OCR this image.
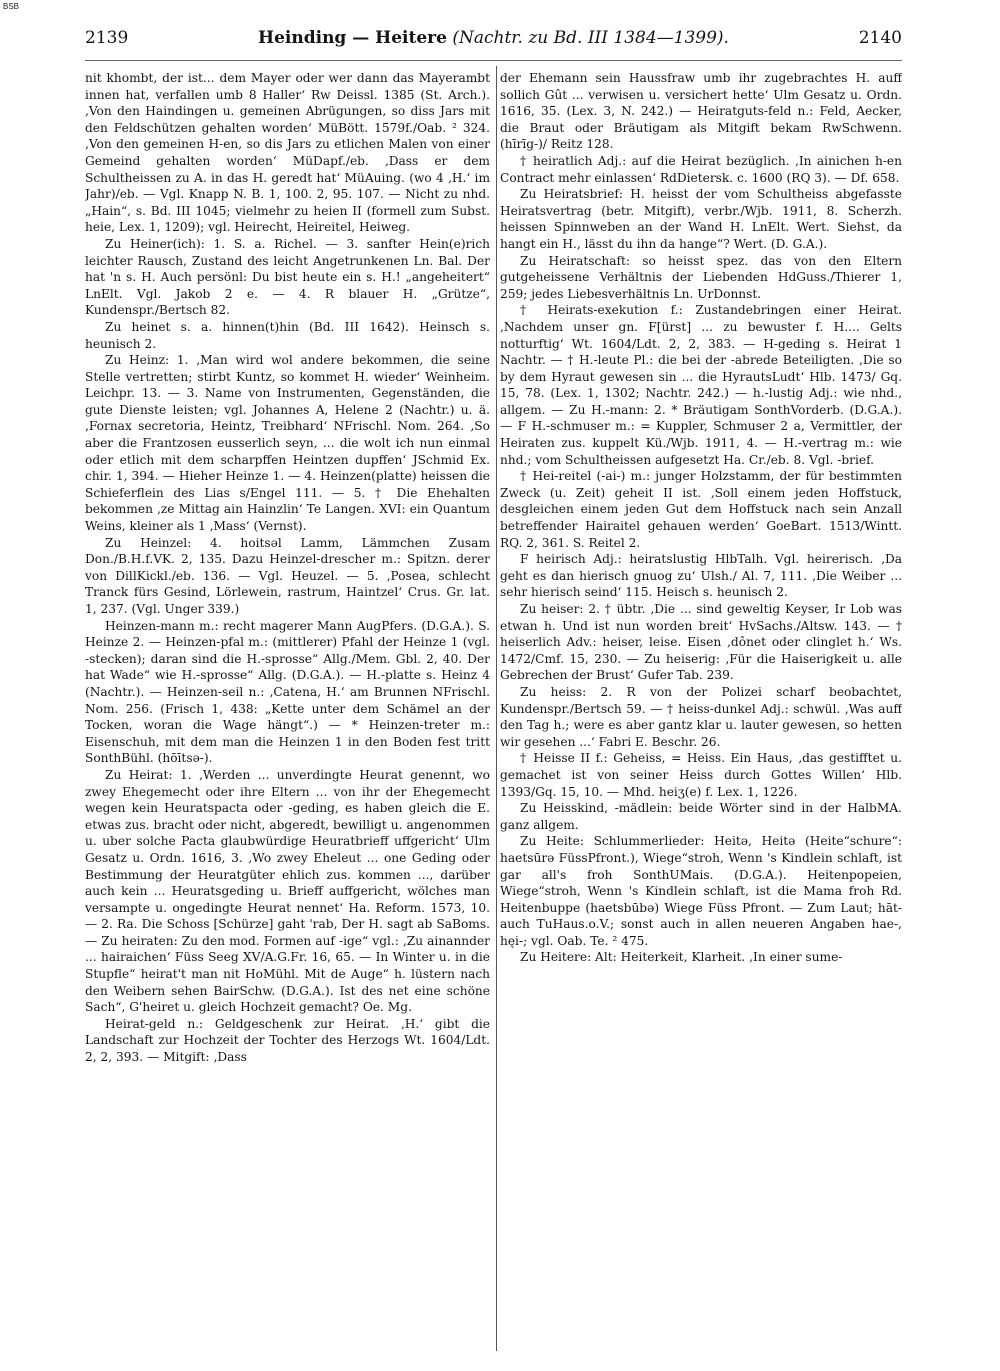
BSB
2139	Heinding — Heitere (Nachtr. zu Bd. III 1384—1399).	2140

nit khombt, der ist... dem Mayer oder wer dann das Mayerambt innen hat, verfallen umb 8 Haller‘ Rw Deissl. 1385 (St. Arch.). ‚Von den Haindingen u. gemeinen Abrügungen, so diss Jars mit den Feldschützen gehalten worden‘ MüBött. 1579f./Oab. ² 324. ‚Von den gemeinen H-en, so dis Jars zu etlichen Malen von einer Gemeind gehalten worden‘ MüDapf./eb. ‚Dass er dem Schultheissen zu A. in das H. geredt hat‘ MüAuing. (wo 4 ‚H.‘ im Jahr)/eb. — Vgl. Knapp N. B. 1, 100. 2, 95. 107. — Nicht zu nhd. „Hain“, s. Bd. III 1045; vielmehr zu heien II (formell zum Subst. heie, Lex. 1, 1209); vgl. Heirecht, Heireitel, Heiweg.

Zu Heiner(ich): 1. S. a. Richel. — 3. sanfter Hein(e)rich leichter Rausch, Zustand des leicht Angetrunkenen Ln. Bal. Der hat 'n s. H. Auch persönl: Du bist heute ein s. H.! „angeheitert“ LnElt. Vgl. Jakob 2 e. — 4. R blauer H. „Grütze“, Kundenspr./Bertsch 82.

Zu heinet s. a. hinnen(t)hin (Bd. III 1642). Heinsch s. heunisch 2.

Zu Heinz: 1. ‚Man wird wol andere bekommen, die seine Stelle vertretten; stirbt Kuntz, so kommet H. wieder‘ Weinheim. Leichpr. 13. — 3. Name von Instrumenten, Gegenständen, die gute Dienste leisten; vgl. Johannes A, Helene 2 (Nachtr.) u. ä. ‚Fornax secretoria, Heintz, Treibhard‘ NFrischl. Nom. 264. ‚So aber die Frantzosen eusserlich seyn, ... die wolt ich nun einmal oder etlich mit dem scharpffen Heintzen dupffen‘ JSchmid Ex. chir. 1, 394. — Hieher Heinze 1. — 4. Heinzen(platte) heissen die Schieferflein des Lias s/Engel 111. — 5. † Die Ehehalten bekommen ‚ze Mittag ain Hainzlin‘ Te Langen. XVI: ein Quantum Weins, kleiner als 1 ‚Mass‘ (Vernst).

Zu Heinzel: 4. hoitsəl Lamm, Lämmchen Zusam Don./B.H.f.VK. 2, 135. Dazu Heinzel-drescher m.: Spitzn. derer von DillKickl./eb. 136. — Vgl. Heuzel. — 5. ‚Posea, schlecht Tranck fürs Gesind, Lörlewein, rastrum, Haintzel‘ Crus. Gr. lat. 1, 237. (Vgl. Unger 339.)

Heinzen-mann m.: recht magerer Mann AugPfers. (D.G.A.). S. Heinze 2. — Heinzen-pfal m.: (mittlerer) Pfahl der Heinze 1 (vgl. -stecken); daran sind die H.-sprosse“ Allg./Mem. Gbl. 2, 40. Der hat Wade“ wie H.-sprosse“ Allg. (D.G.A.). — H.-platte s. Heinz 4 (Nachtr.). — Heinzen-seil n.: ‚Catena, H.‘ am Brunnen NFrischl. Nom. 256. (Frisch 1, 438: „Kette unter dem Schämel an der Tocken, woran die Wage hängt“.) — * Heinzen-treter m.: Eisenschuh, mit dem man die Heinzen 1 in den Boden fest tritt SonthBühl. (hōītsə-).

Zu Heirat: 1. ‚Werden ... unverdingte Heurat genennt, wo zwey Ehegemecht oder ihre Eltern ... von ihr der Ehegemecht wegen kein Heuratspacta oder -geding, es haben gleich die E. etwas zus. bracht oder nicht, abgeredt, bewilligt u. angenommen u. uber solche Pacta glaubwürdige Heuratbrieff uffgericht‘ Ulm Gesatz u. Ordn. 1616, 3. ‚Wo zwey Eheleut ... one Geding oder Bestimmung der Heuratgüter ehlich zus. kommen ..., darüber auch kein ... Heuratsgeding u. Brieff auffgericht, wölches man versampte u. ongedingte Heurat nennet‘ Ha. Reform. 1573, 10. — 2. Ra. Die Schoss [Schürze] gaht 'rab, Der H. sagt ab SaBoms. — Zu heiraten: Zu den mod. Formen auf -ige“ vgl.: ‚Zu ainannder ... hairaichen‘ Füss Seeg XV/A.G.Fr. 16, 65. — In Winter u. in die Stupfle“ heirat't man nit HoMühl. Mit de Auge“ h. lüstern nach den Weibern sehen BairSchw. (D.G.A.). Ist des net eine schöne Sach“, G'heiret u. gleich Hochzeit gemacht? Oe. Mg.

Heirat-geld n.: Geldgeschenk zur Heirat. ‚H.‘ gibt die Landschaft zur Hochzeit der Tochter des Herzogs Wt. 1604/Ldt. 2, 2, 393. — Mitgift: ‚Dass

der Ehemann sein Haussfraw umb ihr zugebrachtes H. auff sollich Gût ... verwisen u. versichert hette‘ Ulm Gesatz u. Ordn. 1616, 35. (Lex. 3, N. 242.) — Heiratguts-feld n.: Feld, Aecker, die Braut oder Bräutigam als Mitgift bekam RwSchwenn. (hīrīg-)/ Reitz 128.

† heiratlich Adj.: auf die Heirat bezüglich. ‚In ainichen h-en Contract mehr einlassen‘ RdDietersk. c. 1600 (RQ 3). — Df. 658.

Zu Heiratsbrief: H. heisst der vom Schultheiss abgefasste Heiratsvertrag (betr. Mitgift), verbr./Wjb. 1911, 8. Scherzh. heissen Spinnweben an der Wand H. LnElt. Wert. Siehst, da hangt ein H., lässt du ihn da hange“? Wert. (D. G.A.).

Zu Heiratschaft: so heisst spez. das von den Eltern gutgeheissene Verhältnis der Liebenden HdGuss./Thierer 1, 259; jedes Liebesverhältnis Ln. UrDonnst.

† Heirats-exekution f.: Zustandebringen einer Heirat. ‚Nachdem unser gn. F[ürst] ... zu bewuster f. H.... Gelts notturftig‘ Wt. 1604/Ldt. 2, 2, 383. — H-geding s. Heirat 1 Nachtr. — † H.-leute Pl.: die bei der -abrede Beteiligten. ‚Die so by dem Hyraut gewesen sin ... die HyrautsLudt‘ Hlb. 1473/ Gq. 15, 78. (Lex. 1, 1302; Nachtr. 242.) — h.-lustig Adj.: wie nhd., allgem. — Zu H.-mann: 2. * Bräutigam SonthVorderb. (D.G.A.). — F H.-schmuser m.: = Kuppler, Schmuser 2 a, Vermittler, der Heiraten zus. kuppelt Kü./Wjb. 1911, 4. — H.-vertrag m.: wie nhd.; vom Schultheissen aufgesetzt Ha. Cr./eb. 8. Vgl. -brief.

† Hei-reitel (-ai-) m.: junger Holzstamm, der für bestimmten Zweck (u. Zeit) geheit II ist. ‚Soll einem jeden Hoffstuck, desgleichen einem jeden Gut dem Hoffstuck nach sein Anzall betreffender Hairaitel gehauen werden‘ GoeBart. 1513/Wintt. RQ. 2, 361. S. Reitel 2.

F heirisch Adj.: heiratslustig HlbTalh. Vgl. heirerisch. ‚Da geht es dan hierisch gnuog zu‘ Ulsh./ Al. 7, 111. ‚Die Weiber ... sehr hierisch seind‘ 115. Heisch s. heunisch 2.

Zu heiser: 2. † übtr. ‚Die ... sind geweltig Keyser, Ir Lob was etwan h. Und ist nun worden breit‘ HvSachs./Altsw. 143. — † heiserlich Adv.: heiser, leise. Eisen ‚dônet oder clinglet h.‘ Ws. 1472/Cmf. 15, 230. — Zu heiserig: ‚Für die Haiserigkeit u. alle Gebrechen der Brust‘ Gufer Tab. 239.

Zu heiss: 2. R von der Polizei scharf beobachtet, Kundenspr./Bertsch 59. — † heiss-dunkel Adj.: schwül. ‚Was auff den Tag h.; were es aber gantz klar u. lauter gewesen, so hetten wir gesehen ...‘ Fabri E. Beschr. 26.

† Heisse II f.: Geheiss, = Heiss. Ein Haus, ‚das gestifftet u. gemachet ist von seiner Heiss durch Gottes Willen‘ Hlb. 1393/Gq. 15, 10. — Mhd. heiʒ(e) f. Lex. 1, 1226.

Zu Heisskind, -mädlein: beide Wörter sind in der HalbMA. ganz allgem.

Zu Heite: Schlummerlieder: Heitə, Heitə (Heite“schure“: haetsūrə FüssPfront.), Wiege“stroh, Wenn 's Kindlein schlaft, ist gar all's froh SonthUMais. (D.G.A.). Heitenpopeien, Wiege“stroh, Wenn 's Kindlein schlaft, ist die Mama froh Rd. Heitenbuppe (haetsbūbə) Wiege Füss Pfront. — Zum Laut; hāt- auch TuHaus.o.V.; sonst auch in allen neueren Angaben hae-, hęi-; vgl. Oab. Te. ² 475.

Zu Heitere: Alt: Heiterkeit, Klarheit. ‚In einer sume-
